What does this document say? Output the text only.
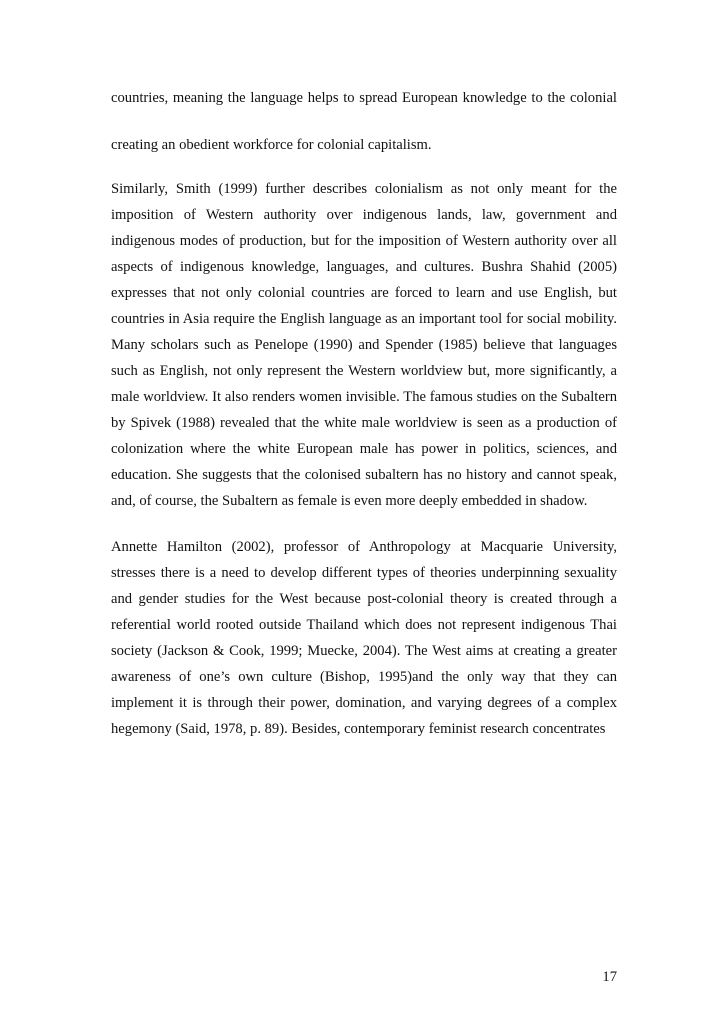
countries, meaning the language helps to spread European knowledge to the colonial
creating an obedient workforce for colonial capitalism.
Similarly, Smith (1999) further describes colonialism as not only meant for the
imposition of Western authority over indigenous lands, law, government and
indigenous modes of production, but for the imposition of Western authority over all
aspects of indigenous knowledge, languages, and cultures. Bushra Shahid (2005)
expresses that not only colonial countries are forced to learn and use English, but
countries in Asia require the English language as an important tool for social mobility.
Many scholars such as Penelope (1990) and Spender (1985) believe that languages
such as English, not only represent the Western worldview but, more significantly, a
male worldview. It also renders women invisible. The famous studies on the Subaltern
by Spivek (1988) revealed that the white male worldview is seen as a production of
colonization where the white European male has power in politics, sciences, and
education. She suggests that the colonised subaltern has no history and cannot speak,
and, of course, the Subaltern as female is even more deeply embedded in shadow.
17
Annette Hamilton (2002), professor of Anthropology at Macquarie University,
stresses there is a need to develop different types of theories underpinning sexuality
and gender studies for the West because post-colonial theory is created through a
referential world rooted outside Thailand which does not represent indigenous Thai
society (Jackson & Cook, 1999; Muecke, 2004). The West aims at creating a greater
awareness of one’s own culture (Bishop, 1995)and the only way that they can
implement it is through their power, domination, and varying degrees of a complex
hegemony (Said, 1978, p. 89). Besides, contemporary feminist research concentrates
